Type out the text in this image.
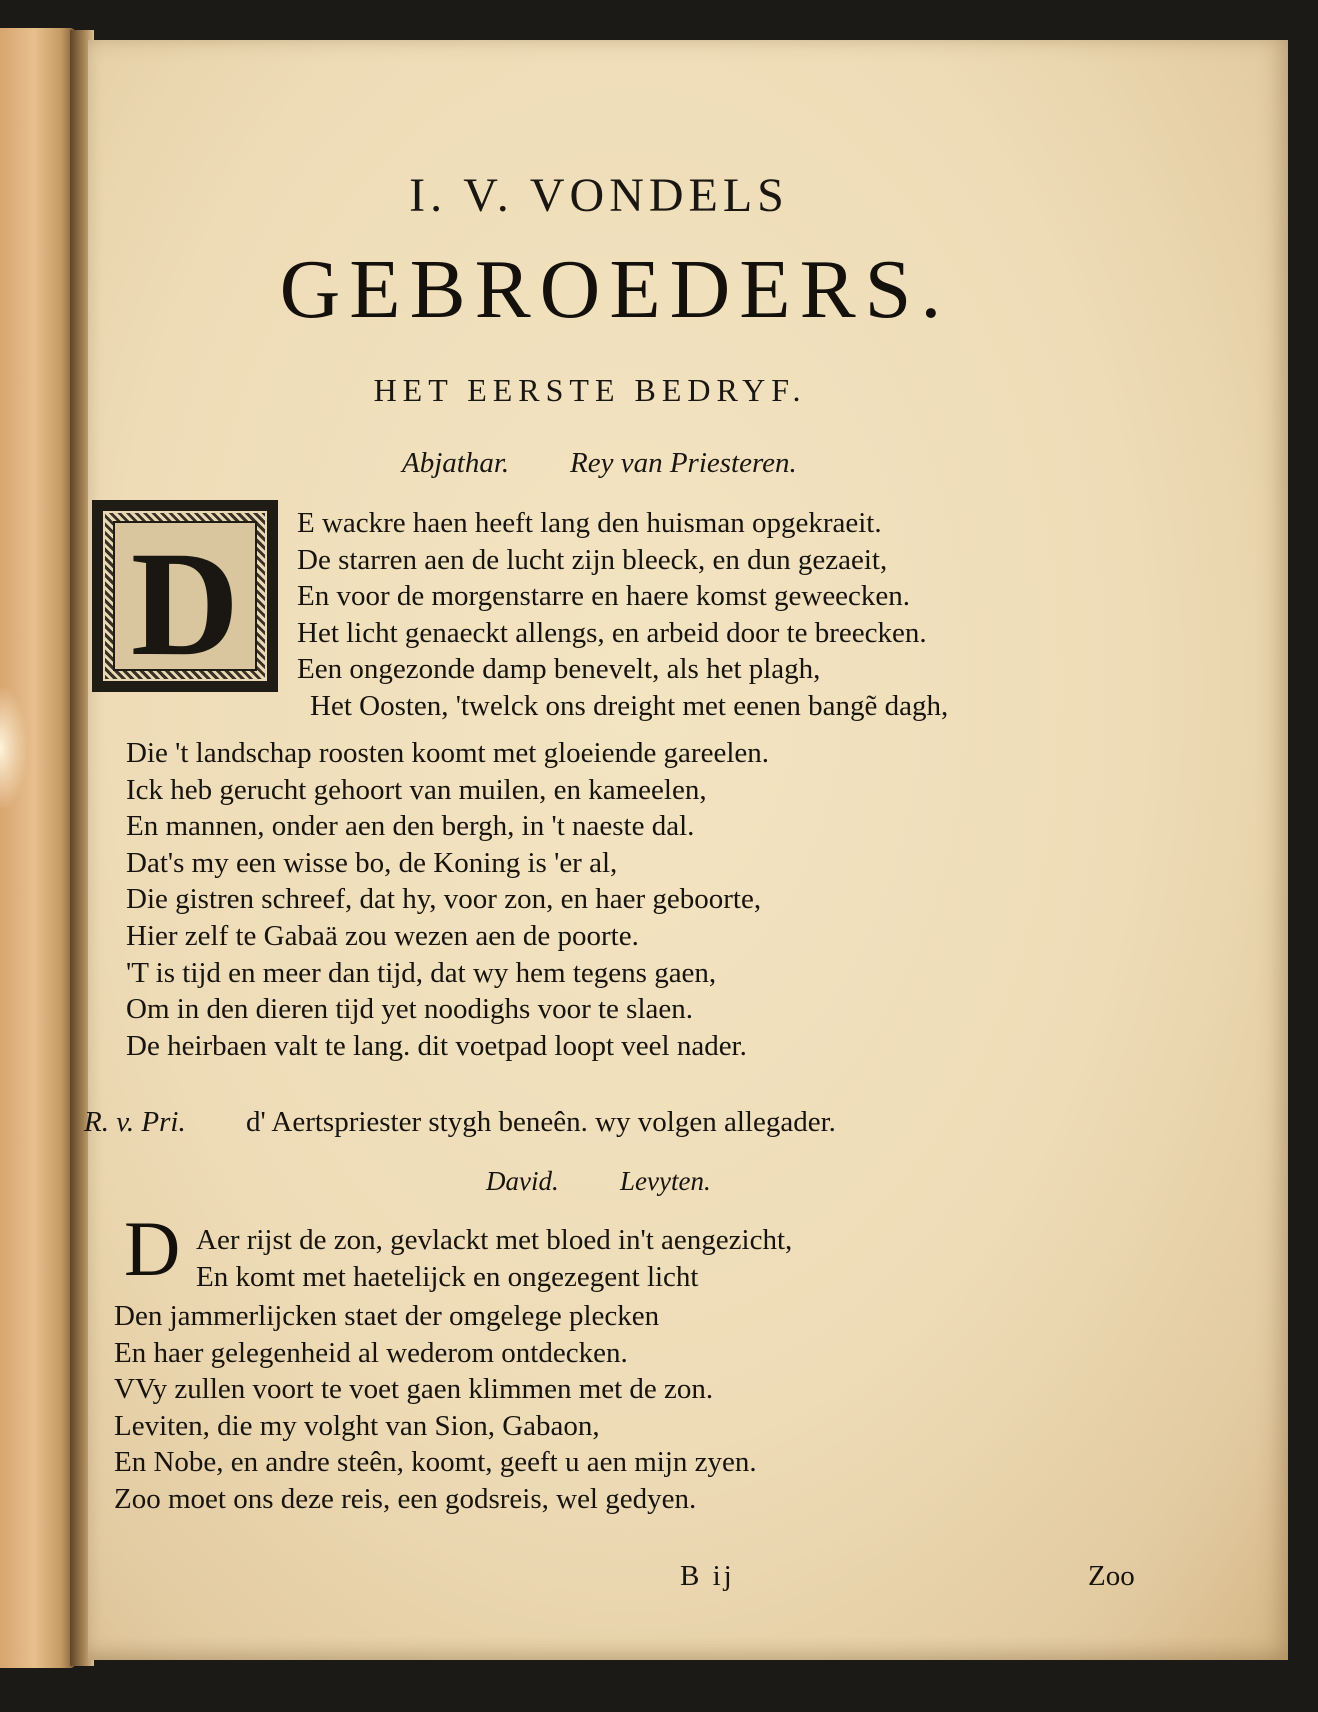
I. V. VONDELS
GEBROEDERS.
HET EERSTE BEDRYF.
Abjathar. Rey van Priesteren.
D	E wackre haen heeft lang den huisman opgekraeit.
De starren aen de lucht zijn bleeck, en dun gezaeit,
En voor de morgenstarre en haere komst geweecken.
Het licht genaeckt allengs, en arbeid door te breecken.
Een ongezonde damp benevelt, als het plagh,
Het Oosten, 'twelck ons dreight met eenen bangẽ dagh,
Die 't landschap roosten koomt met gloeiende gareelen.
Ick heb gerucht gehoort van muilen, en kameelen,
En mannen, onder aen den bergh, in 't naeste dal.
Dat's my een wisse bo, de Koning is 'er al,
Die gistren schreef, dat hy, voor zon, en haer geboorte,
Hier zelf te Gabaä zou wezen aen de poorte.
'T is tijd en meer dan tijd, dat wy hem tegens gaen,
Om in den dieren tijd yet noodighs voor te slaen.
De heirbaen valt te lang. dit voetpad loopt veel nader.
R. v. Pri. d' Aertspriester stygh beneên. wy volgen allegader.
David. Levyten.
D Aer rijst de zon, gevlackt met bloed in't aengezicht,
En komt met haetelijck en ongezegent licht
Den jammerlijcken staet der omgelege plecken
En haer gelegenheid al wederom ontdecken.
VVy zullen voort te voet gaen klimmen met de zon.
Leviten, die my volght van Sion, Gabaon,
En Nobe, en andre steên, koomt, geeft u aen mijn zyen.
Zoo moet ons deze reis, een godsreis, wel gedyen.
B ij	Zoo
